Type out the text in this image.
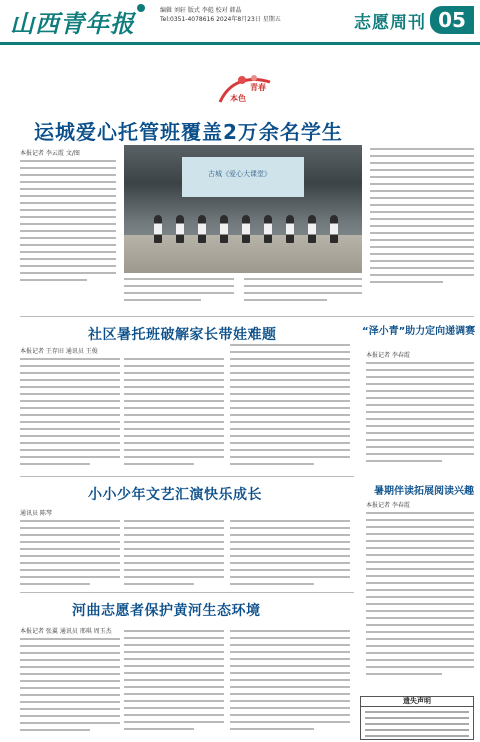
山西青年报	编辑 刘轩 版式 李彪 校对 韩晶
Tel:0351-4078616 2024年8月23日 星期五	志愿周刊 05
青春
本色
运城爱心托管班覆盖2万余名学生
本报记者 李云霞 文/图
古城《爱心大课堂》
社区暑托班破解家长带娃难题
本报记者 王存田 通讯员 王俊
“泽小青”助力定向递调赛
本报记者 李春霞
暑期伴读拓展阅读兴趣
本报记者 李春霞
小小少年文艺汇演快乐成长
通讯员 陈琴
河曲志愿者保护黄河生态环境
本报记者 张翼 通讯员 邢琪 周玉杰
遗失声明
